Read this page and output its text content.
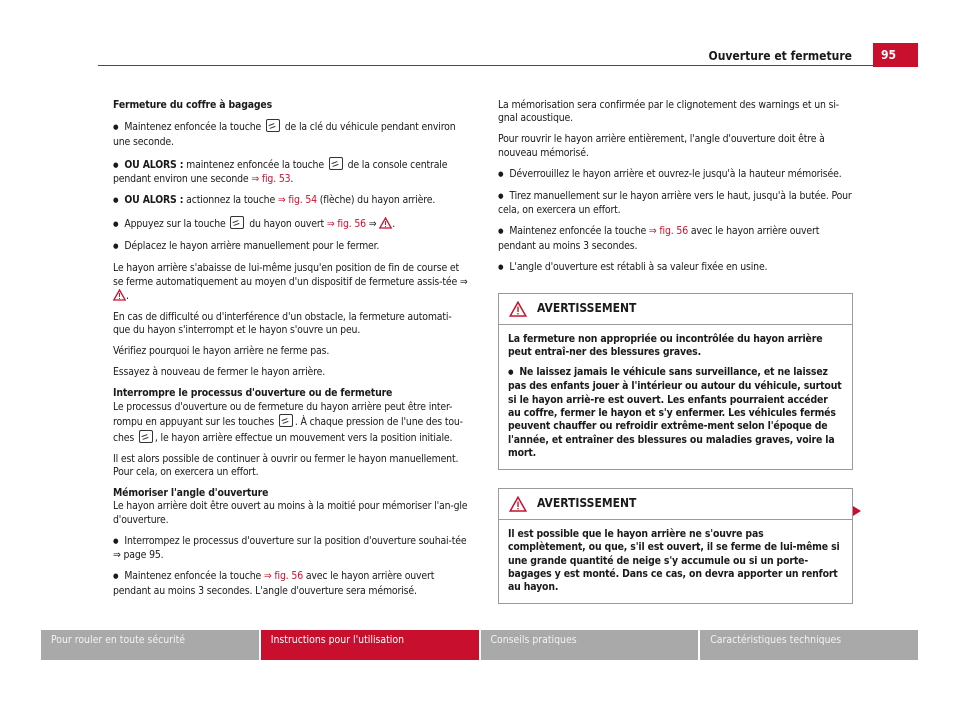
Ouverture et fermeture	95

Fermeture du coffre à bagages

● Maintenez enfoncée la touche  de la clé du véhicule pendant environ une seconde.

● OU ALORS : maintenez enfoncée la touche  de la console centrale pendant environ une seconde ⇒ fig. 53.

● OU ALORS : actionnez la touche ⇒ fig. 54 (flèche) du hayon arrière.

● Appuyez sur la touche  du hayon ouvert ⇒ fig. 56 ⇒ .

● Déplacez le hayon arrière manuellement pour le fermer.

Le hayon arrière s'abaisse de lui-même jusqu'en position de fin de course et se ferme automatiquement au moyen d'un dispositif de fermeture assis-tée ⇒ .

En cas de difficulté ou d'interférence d'un obstacle, la fermeture automati-que du hayon s'interrompt et le hayon s'ouvre un peu.

Vérifiez pourquoi le hayon arrière ne ferme pas.

Essayez à nouveau de fermer le hayon arrière.

Interrompre le processus d'ouverture ou de fermeture

Le processus d'ouverture ou de fermeture du hayon arrière peut être inter-rompu en appuyant sur les touches . À chaque pression de l'une des tou-ches , le hayon arrière effectue un mouvement vers la position initiale.

Il est alors possible de continuer à ouvrir ou fermer le hayon manuellement. Pour cela, on exercera un effort.

Mémoriser l'angle d'ouverture

Le hayon arrière doit être ouvert au moins à la moitié pour mémoriser l'an-gle d'ouverture.

● Interrompez le processus d'ouverture sur la position d'ouverture souhai-tée ⇒ page 95.

● Maintenez enfoncée la touche ⇒ fig. 56 avec le hayon arrière ouvert pendant au moins 3 secondes. L'angle d'ouverture sera mémorisé.

La mémorisation sera confirmée par le clignotement des warnings et un si-gnal acoustique.

Pour rouvrir le hayon arrière entièrement, l'angle d'ouverture doit être à nouveau mémorisé.

● Déverrouillez le hayon arrière et ouvrez-le jusqu'à la hauteur mémorisée.

● Tirez manuellement sur le hayon arrière vers le haut, jusqu'à la butée. Pour cela, on exercera un effort.

● Maintenez enfoncée la touche ⇒ fig. 56 avec le hayon arrière ouvert pendant au moins 3 secondes.

● L'angle d'ouverture est rétabli à sa valeur fixée en usine.

AVERTISSEMENT

La fermeture non appropriée ou incontrôlée du hayon arrière peut entraî-ner des blessures graves.

● Ne laissez jamais le véhicule sans surveillance, et ne laissez pas des enfants jouer à l'intérieur ou autour du véhicule, surtout si le hayon arriè-re est ouvert. Les enfants pourraient accéder au coffre, fermer le hayon et s'y enfermer. Les véhicules fermés peuvent chauffer ou refroidir extrême-ment selon l'époque de l'année, et entraîner des blessures ou maladies graves, voire la mort.

AVERTISSEMENT

Il est possible que le hayon arrière ne s'ouvre pas complètement, ou que, s'il est ouvert, il se ferme de lui-même si une grande quantité de neige s'y accumule ou si un porte-bagages y est monté. Dans ce cas, on devra apporter un renfort au hayon.

Pour rouler en toute sécurité	Instructions pour l'utilisation	Conseils pratiques	Caractéristiques techniques
